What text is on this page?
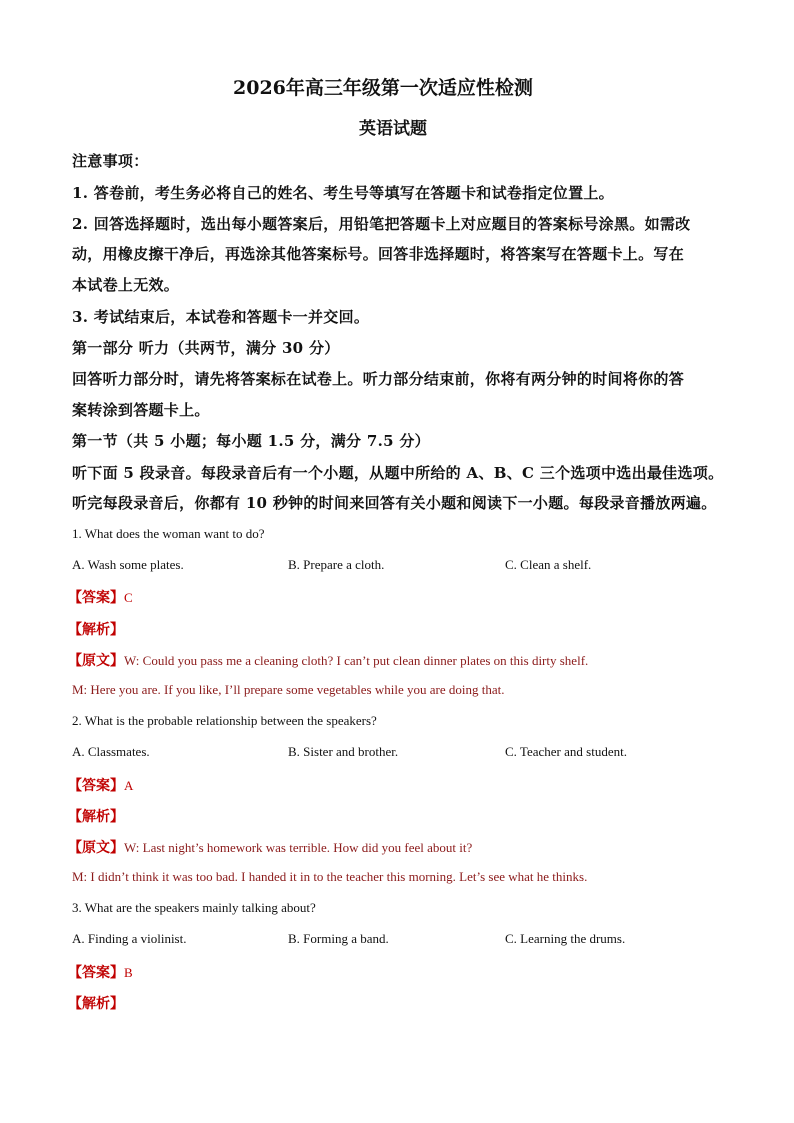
2026年高三年级第一次适应性检测
英语试题
注意事项：
1. 答卷前，考生务必将自己的姓名、考生号等填写在答题卡和试卷指定位置上。
2. 回答选择题时，选出每小题答案后，用铅笔把答题卡上对应题目的答案标号涂黑。如需改
动，用橡皮擦干净后，再选涂其他答案标号。回答非选择题时，将答案写在答题卡上。写在
本试卷上无效。
3. 考试结束后，本试卷和答题卡一并交回。
第一部分 听力（共两节，满分 30 分）
回答听力部分时，请先将答案标在试卷上。听力部分结束前，你将有两分钟的时间将你的答
案转涂到答题卡上。
第一节（共 5 小题；每小题 1.5 分，满分 7.5 分）
听下面 5 段录音。每段录音后有一个小题，从题中所给的 A、B、C 三个选项中选出最佳选项。
听完每段录音后，你都有 10 秒钟的时间来回答有关小题和阅读下一小题。每段录音播放两遍。
1. What does the woman want to do?
A. Wash some plates.	B. Prepare a cloth.	C. Clean a shelf.
【答案】C
【解析】
【原文】W: Could you pass me a cleaning cloth? I can’t put clean dinner plates on this dirty shelf.
M: Here you are. If you like, I’ll prepare some vegetables while you are doing that.
2. What is the probable relationship between the speakers?
A. Classmates.	B. Sister and brother.	C. Teacher and student.
【答案】A
【解析】
【原文】W: Last night’s homework was terrible. How did you feel about it?
M: I didn’t think it was too bad. I handed it in to the teacher this morning. Let’s see what he thinks.
3. What are the speakers mainly talking about?
A. Finding a violinist.	B. Forming a band.	C. Learning the drums.
【答案】B
【解析】
